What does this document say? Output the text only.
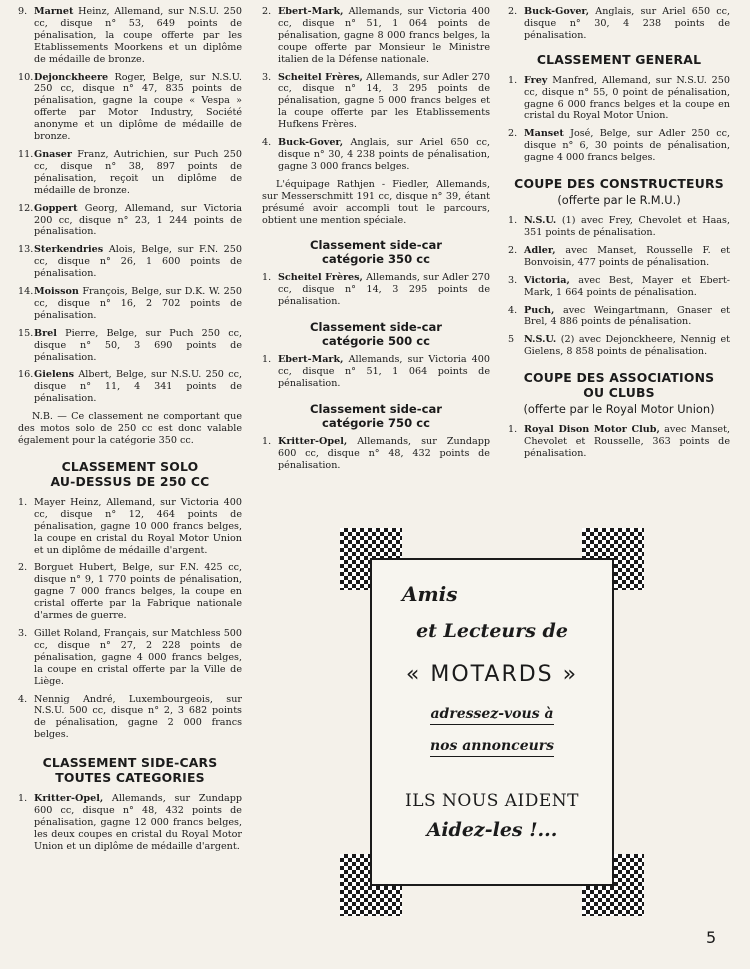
9. Marnet Heinz, Allemand, sur N.S.U. 250 cc, disque n° 53, 649 points de pénalisation, la coupe offerte par les Etablissements Moorkens et un diplôme de médaille de bronze.
10. Dejonckheere Roger, Belge, sur N.S.U. 250 cc, disque n° 47, 835 points de pénalisation, gagne la coupe « Vespa » offerte par Motor Industry, Société anonyme et un diplôme de médaille de bronze.
11. Gnaser Franz, Autrichien, sur Puch 250 cc, disque n° 38, 897 points de pénalisation, reçoit un diplôme de médaille de bronze.
12. Goppert Georg, Allemand, sur Victoria 200 cc, disque n° 23, 1 244 points de pénalisation.
13. Sterkendries Alois, Belge, sur F.N. 250 cc, disque n° 26, 1 600 points de pénalisation.
14. Moisson François, Belge, sur D.K. W. 250 cc, disque n° 16, 2 702 points de pénalisation.
15. Brel Pierre, Belge, sur Puch 250 cc, disque n° 50, 3 690 points de pénalisation.
16. Gielens Albert, Belge, sur N.S.U. 250 cc, disque n° 11, 4 341 points de pénalisation.
N.B. — Ce classement ne comportant que des motos solo de 250 cc est donc valable également pour la catégorie 350 cc.
CLASSEMENT SOLO
AU-DESSUS DE 250 CC
1. Mayer Heinz, Allemand, sur Victoria 400 cc, disque n° 12, 464 points de pénalisation, gagne 10 000 francs belges, la coupe en cristal du Royal Motor Union et un diplôme de médaille d'argent.
2. Borguet Hubert, Belge, sur F.N. 425 cc, disque n° 9, 1 770 points de pénalisation, gagne 7 000 francs belges, la coupe en cristal offerte par la Fabrique nationale d'armes de guerre.
3. Gillet Roland, Français, sur Matchless 500 cc, disque n° 27, 2 228 points de pénalisation, gagne 4 000 francs belges, la coupe en cristal offerte par la Ville de Liège.
4. Nennig André, Luxembourgeois, sur N.S.U. 500 cc, disque n° 2, 3 682 points de pénalisation, gagne 2 000 francs belges.
CLASSEMENT SIDE-CARS
TOUTES CATEGORIES
1. Kritter-Opel, Allemands, sur Zundapp 600 cc, disque n° 48, 432 points de pénalisation, gagne 12 000 francs belges, les deux coupes en cristal du Royal Motor Union et un diplôme de médaille d'argent.
2. Ebert-Mark, Allemands, sur Victoria 400 cc, disque n° 51, 1 064 points de pénalisation, gagne 8 000 francs belges, la coupe offerte par Monsieur le Ministre italien de la Défense nationale.
3. Scheitel Frères, Allemands, sur Adler 270 cc, disque n° 14, 3 295 points de pénalisation, gagne 5 000 francs belges et la coupe offerte par les Etablissements Hufkens Frères.
4. Buck-Gover, Anglais, sur Ariel 650 cc, disque n° 30, 4 238 points de pénalisation, gagne 3 000 francs belges.
L'équipage Rathjen - Fiedler, Allemands, sur Messerschmitt 191 cc, disque n° 39, étant présumé avoir accompli tout le parcours, obtient une mention spéciale.
Classement side-car
catégorie 350 cc
1. Scheitel Frères, Allemands, sur Adler 270 cc, disque n° 14, 3 295 points de pénalisation.
Classement side-car
catégorie 500 cc
1. Ebert-Mark, Allemands, sur Victoria 400 cc, disque n° 51, 1 064 points de pénalisation.
Classement side-car
catégorie 750 cc
1. Kritter-Opel, Allemands, sur Zundapp 600 cc, disque n° 48, 432 points de pénalisation.
2. Buck-Gover, Anglais, sur Ariel 650 cc, disque n° 30, 4 238 points de pénalisation.
CLASSEMENT GENERAL
1. Frey Manfred, Allemand, sur N.S.U. 250 cc, disque n° 55, 0 point de pénalisation, gagne 6 000 francs belges et la coupe en cristal du Royal Motor Union.
2. Manset José, Belge, sur Adler 250 cc, disque n° 6, 30 points de pénalisation, gagne 4 000 francs belges.
COUPE DES CONSTRUCTEURS
(offerte par le R.M.U.)
1. N.S.U. (1) avec Frey, Chevolet et Haas, 351 points de pénalisation.
2. Adler, avec Manset, Rousselle F. et Bonvoisin, 477 points de pénalisation.
3. Victoria, avec Best, Mayer et Ebert-Mark, 1 664 points de pénalisation.
4. Puch, avec Weingartmann, Gnaser et Brel, 4 886 points de pénalisation.
5 N.S.U. (2) avec Dejonckheere, Nennig et Gielens, 8 858 points de pénalisation.
COUPE DES ASSOCIATIONS
OU CLUBS
(offerte par le Royal Motor Union)
1. Royal Dison Motor Club, avec Manset, Chevolet et Rousselle, 363 points de pénalisation.
Amis
et Lecteurs de
« MOTARDS »
adressez-vous à
nos annonceurs
ILS NOUS AIDENT
Aidez-les !...
5
